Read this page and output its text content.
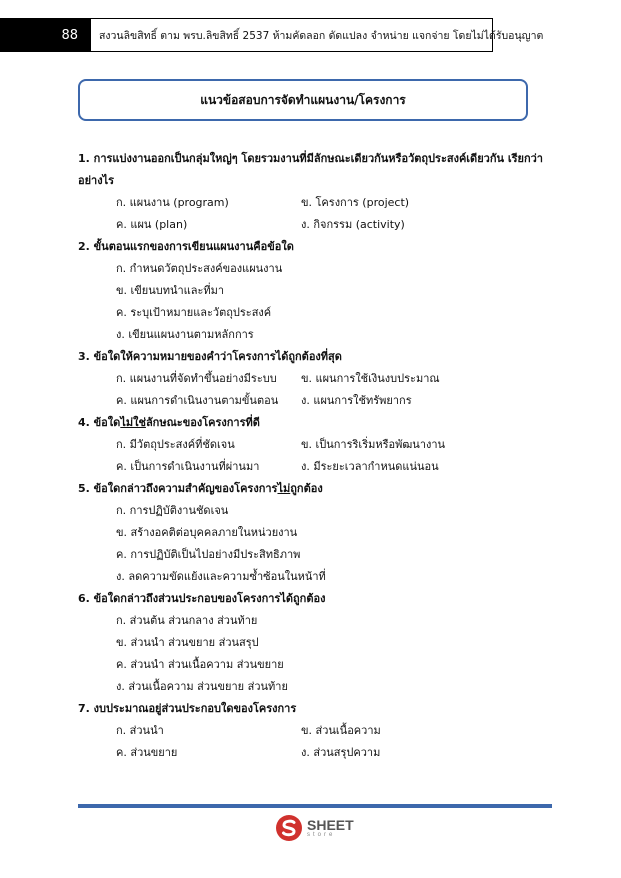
88	สงวนลิขสิทธิ์ ตาม พรบ.ลิขสิทธิ์ 2537 ห้ามคัดลอก ดัดแปลง จำหน่าย แจกจ่าย โดยไม่ได้รับอนุญาต
แนวข้อสอบการจัดทำแผนงาน/โครงการ
1. การแบ่งงานออกเป็นกลุ่มใหญ่ๆ โดยรวมงานที่มีลักษณะเดียวกันหรือวัตถุประสงค์เดียวกัน เรียกว่าอย่างไร
ก. แผนงาน (program)	ข. โครงการ (project)
ค. แผน (plan)	ง. กิจกรรม (activity)
2. ขั้นตอนแรกของการเขียนแผนงานคือข้อใด
ก. กำหนดวัตถุประสงค์ของแผนงาน
ข. เขียนบทนำและที่มา
ค. ระบุเป้าหมายและวัตถุประสงค์
ง. เขียนแผนงานตามหลักการ
3. ข้อใดให้ความหมายของคำว่าโครงการได้ถูกต้องที่สุด
ก. แผนงานที่จัดทำขึ้นอย่างมีระบบ	ข. แผนการใช้เงินงบประมาณ
ค. แผนการดำเนินงานตามขั้นตอน	ง. แผนการใช้ทรัพยากร
4. ข้อใดไม่ใช่ลักษณะของโครงการที่ดี
ก. มีวัตถุประสงค์ที่ชัดเจน	ข. เป็นการริเริ่มหรือพัฒนางาน
ค. เป็นการดำเนินงานที่ผ่านมา	ง. มีระยะเวลากำหนดแน่นอน
5. ข้อใดกล่าวถึงความสำคัญของโครงการไม่ถูกต้อง
ก. การปฏิบัติงานชัดเจน
ข. สร้างอคติต่อบุคคลภายในหน่วยงาน
ค. การปฏิบัติเป็นไปอย่างมีประสิทธิภาพ
ง. ลดความขัดแย้งและความซ้ำซ้อนในหน้าที่
6. ข้อใดกล่าวถึงส่วนประกอบของโครงการได้ถูกต้อง
ก. ส่วนต้น ส่วนกลาง ส่วนท้าย
ข. ส่วนนำ ส่วนขยาย ส่วนสรุป
ค. ส่วนนำ ส่วนเนื้อความ ส่วนขยาย
ง. ส่วนเนื้อความ ส่วนขยาย ส่วนท้าย
7. งบประมาณอยู่ส่วนประกอบใดของโครงการ
ก. ส่วนนำ	ข. ส่วนเนื้อความ
ค. ส่วนขยาย	ง. ส่วนสรุปความ
SHEET
store
